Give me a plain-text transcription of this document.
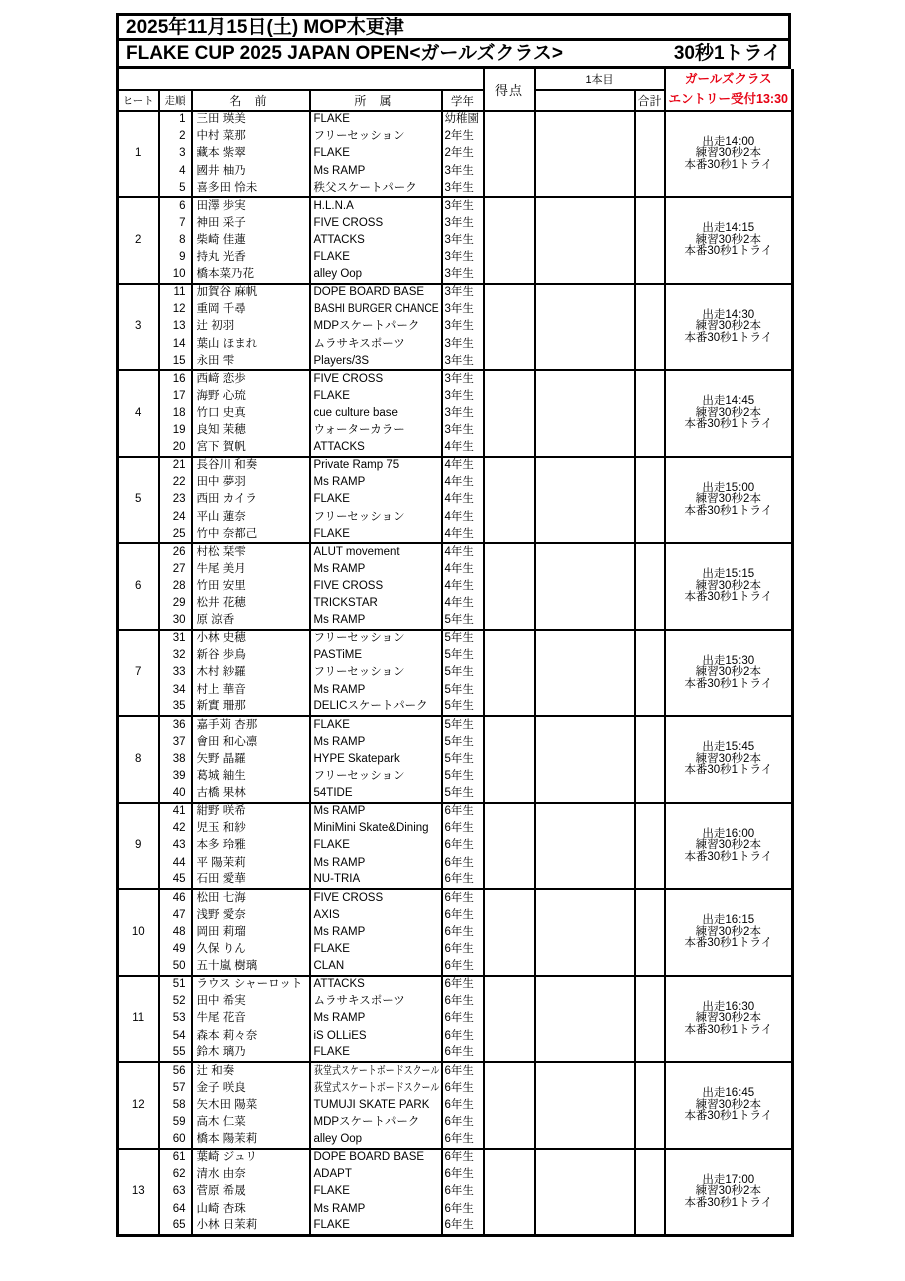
2025年11月15日(土) MOP木更津
FLAKE CUP 2025 JAPAN OPEN<ガールズクラス>	30秒1トライ
					得点	1本目		ガールズクラス
エントリー受付13:30

ヒート	走順	名 前	所 属	学年			合計	
1	1	三田 瑛美	FLAKE	幼稚園				出走14:00
練習30秒2本
本番30秒1トライ

	2	中村 菜那	フリーセッション	2年生				
	3	藏本 紫翠	FLAKE	2年生				
	4	國井 柚乃	Ms RAMP	3年生				
	5	喜多田 怜未	秩父スケートパーク	3年生				
2	6	田澤 歩実	H.L.N.A	3年生				出走14:15
練習30秒2本
本番30秒1トライ

	7	神田 采子	FIVE CROSS	3年生				
	8	柴崎 佳蓮	ATTACKS	3年生				
	9	持丸 光香	FLAKE	3年生				
	10	橋本菜乃花	alley Oop	3年生				
3	11	加賀谷 麻帆	DOPE BOARD BASE	3年生				出走14:30
練習30秒2本
本番30秒1トライ

	12	重岡 千尋	BASHI BURGER CHANCE	3年生				
	13	辻 初羽	MDPスケートパーク	3年生				
	14	葉山 ほまれ	ムラサキスポーツ	3年生				
	15	永田 雫	Players/3S	3年生				
4	16	西﨑 恋歩	FIVE CROSS	3年生				出走14:45
練習30秒2本
本番30秒1トライ

	17	海野 心琉	FLAKE	3年生				
	18	竹口 史真	cue culture base	3年生				
	19	良知 茉穂	ウォーターカラー	3年生				
	20	宮下 賀帆	ATTACKS	4年生				
5	21	長谷川 和奏	Private Ramp 75	4年生				出走15:00
練習30秒2本
本番30秒1トライ

	22	田中 夢羽	Ms RAMP	4年生				
	23	西田 カイラ	FLAKE	4年生				
	24	平山 蓮奈	フリーセッション	4年生				
	25	竹中 奈都己	FLAKE	4年生				
6	26	村松 栞雫	ALUT movement	4年生				出走15:15
練習30秒2本
本番30秒1トライ

	27	牛尾 美月	Ms RAMP	4年生				
	28	竹田 安里	FIVE CROSS	4年生				
	29	松井 花穂	TRICKSTAR	4年生				
	30	原 涼香	Ms RAMP	5年生				
7	31	小林 史穂	フリーセッション	5年生				出走15:30
練習30秒2本
本番30秒1トライ

	32	新谷 歩鳥	PASTiME	5年生				
	33	木村 紗羅	フリーセッション	5年生				
	34	村上 華音	Ms RAMP	5年生				
	35	新實 珊那	DELICスケートパーク	5年生				
8	36	嘉手苅 杏那	FLAKE	5年生				出走15:45
練習30秒2本
本番30秒1トライ

	37	會田 和心凛	Ms RAMP	5年生				
	38	矢野 晶羅	HYPE Skatepark	5年生				
	39	葛城 紬生	フリーセッション	5年生				
	40	古橋 果林	54TIDE	5年生				
9	41	紺野 咲希	Ms RAMP	6年生				出走16:00
練習30秒2本
本番30秒1トライ

	42	児玉 和紗	MiniMini Skate&Dining	6年生				
	43	本多 玲雅	FLAKE	6年生				
	44	平 陽茉莉	Ms RAMP	6年生				
	45	石田 愛華	NU-TRIA	6年生				
10	46	松田 七海	FIVE CROSS	6年生				出走16:15
練習30秒2本
本番30秒1トライ

	47	浅野 愛奈	AXIS	6年生				
	48	岡田 莉瑠	Ms RAMP	6年生				
	49	久保 りん	FLAKE	6年生				
	50	五十嵐 樹璃	CLAN	6年生				
11	51	ラウス シャーロット	ATTACKS	6年生				出走16:30
練習30秒2本
本番30秒1トライ

	52	田中 希実	ムラサキスポーツ	6年生				
	53	牛尾 花音	Ms RAMP	6年生				
	54	森本 莉々奈	iS OLLiES	6年生				
	55	鈴木 璃乃	FLAKE	6年生				
12	56	辻 和奏	荻堂式スケートボードスクール	6年生				出走16:45
練習30秒2本
本番30秒1トライ

	57	金子 咲良	荻堂式スケートボードスクール	6年生				
	58	矢木田 陽菜	TUMUJI SKATE PARK	6年生				
	59	高木 仁菜	MDPスケートパーク	6年生				
	60	橋本 陽茉莉	alley Oop	6年生				
13	61	葉崎 ジュリ	DOPE BOARD BASE	6年生				出走17:00
練習30秒2本
本番30秒1トライ

	62	清水 由奈	ADAPT	6年生				
	63	菅原 希晟	FLAKE	6年生				
	64	山崎 杏珠	Ms RAMP	6年生				
	65	小林 日茉莉	FLAKE	6年生				
